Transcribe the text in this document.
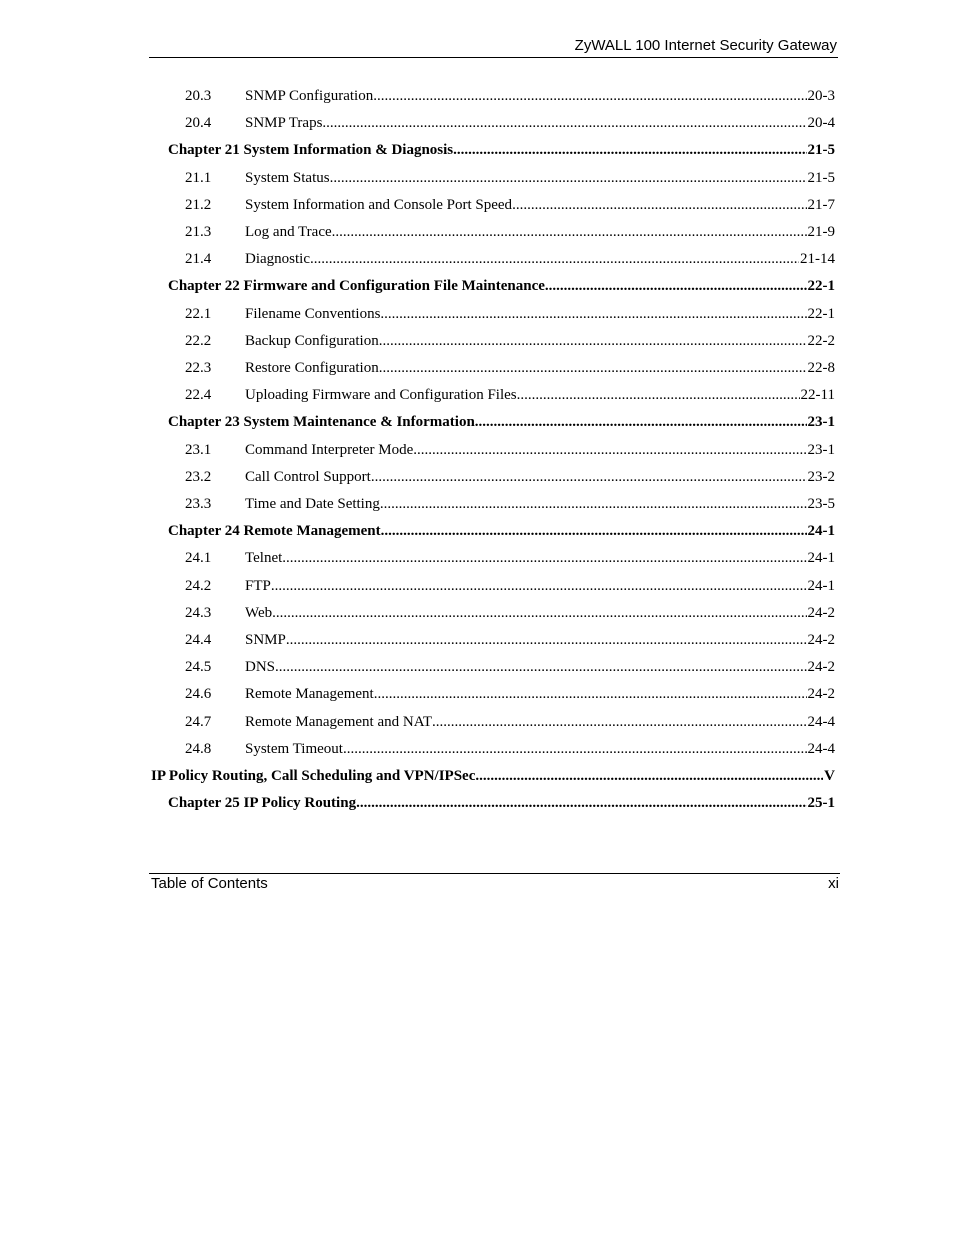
ZyWALL 100 Internet Security Gateway
20.3	SNMP Configuration .....	20-3
20.4	SNMP Traps .....	20-4
Chapter 21 System Information & Diagnosis .....	21-5
21.1	System Status .....	21-5
21.2	System Information and Console Port Speed .....	21-7
21.3	Log and Trace .....	21-9
21.4	Diagnostic .....	21-14
Chapter 22 Firmware and Configuration File Maintenance .....	22-1
22.1	Filename Conventions .....	22-1
22.2	Backup Configuration .....	22-2
22.3	Restore Configuration .....	22-8
22.4	Uploading Firmware and Configuration Files .....	22-11
Chapter 23 System Maintenance & Information .....	23-1
23.1	Command Interpreter Mode .....	23-1
23.2	Call Control Support .....	23-2
23.3	Time and Date Setting .....	23-5
Chapter 24 Remote Management .....	24-1
24.1	Telnet .....	24-1
24.2	FTP .....	24-1
24.3	Web .....	24-2
24.4	SNMP .....	24-2
24.5	DNS .....	24-2
24.6	Remote Management .....	24-2
24.7	Remote Management and NAT .....	24-4
24.8	System Timeout .....	24-4
IP Policy Routing, Call Scheduling and VPN/IPSec .....	V
Chapter 25 IP Policy Routing .....	25-1
Table of Contents	xi
